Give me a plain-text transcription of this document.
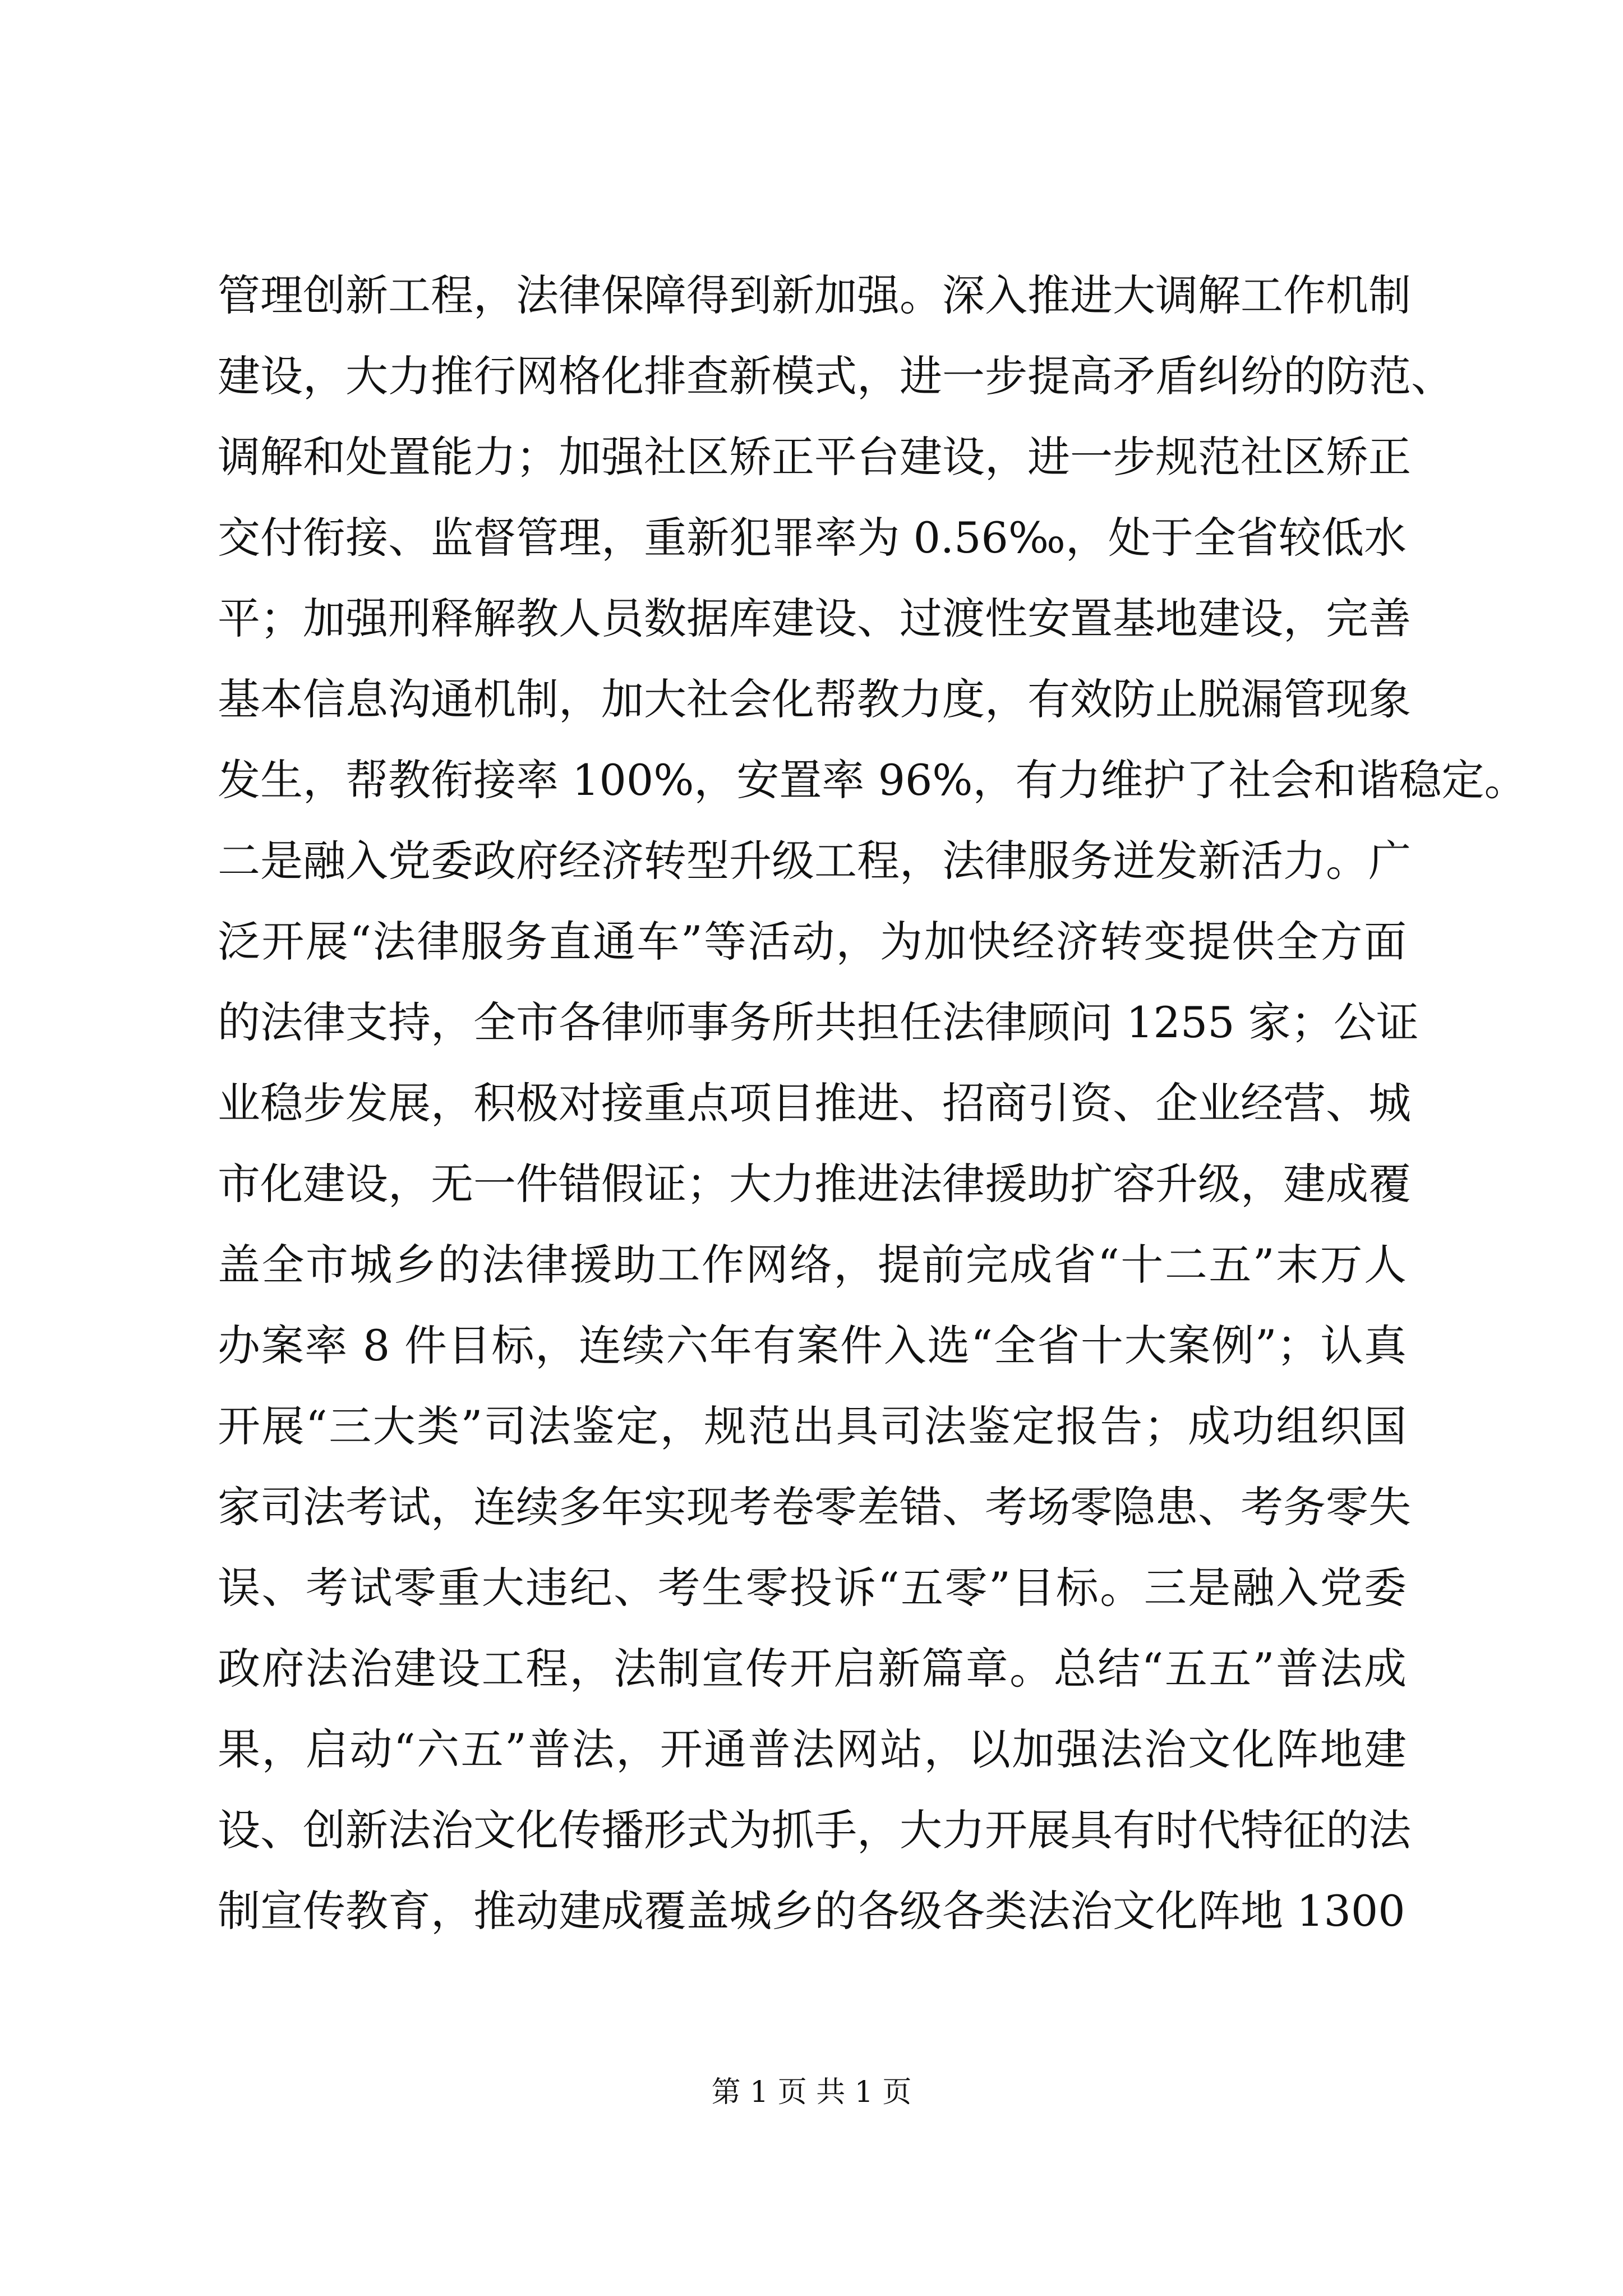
管理创新工程，法律保障得到新加强。深入推进大调解工作机制
建设，大力推行网格化排查新模式，进一步提高矛盾纠纷的防范、
调解和处置能力；加强社区矫正平台建设，进一步规范社区矫正
交付衔接、监督管理，重新犯罪率为 0.56‰，处于全省较低水
平；加强刑释解教人员数据库建设、过渡性安置基地建设，完善
基本信息沟通机制，加大社会化帮教力度，有效防止脱漏管现象
发生，帮教衔接率 100%，安置率 96%，有力维护了社会和谐稳定。
二是融入党委政府经济转型升级工程，法律服务迸发新活力。广
泛开展“法律服务直通车”等活动，为加快经济转变提供全方面
的法律支持，全市各律师事务所共担任法律顾问 1255 家；公证
业稳步发展，积极对接重点项目推进、招商引资、企业经营、城
市化建设，无一件错假证；大力推进法律援助扩容升级，建成覆
盖全市城乡的法律援助工作网络，提前完成省“十二五”末万人
办案率 8 件目标，连续六年有案件入选“全省十大案例”；认真
开展“三大类”司法鉴定，规范出具司法鉴定报告；成功组织国
家司法考试，连续多年实现考卷零差错、考场零隐患、考务零失
误、考试零重大违纪、考生零投诉“五零”目标。三是融入党委
政府法治建设工程，法制宣传开启新篇章。总结“五五”普法成
果，启动“六五”普法，开通普法网站，以加强法治文化阵地建
设、创新法治文化传播形式为抓手，大力开展具有时代特征的法
制宣传教育，推动建成覆盖城乡的各级各类法治文化阵地 1300
第 1 页 共 1 页
